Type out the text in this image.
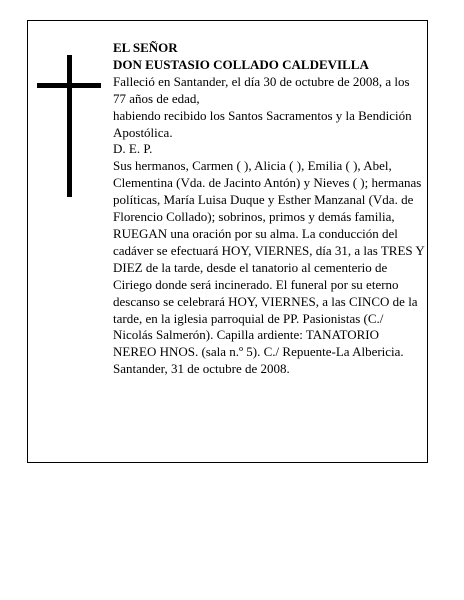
EL SEÑOR

DON EUSTASIO COLLADO CALDEVILLA

Falleció en Santander, el día 30 de octubre de 2008, a los 77 años de edad,

habiendo recibido los Santos Sacramentos y la Bendición Apostólica.

D. E. P.

Sus hermanos, Carmen ( ), Alicia ( ), Emilia ( ), Abel, Clementina (Vda. de Jacinto Antón) y Nieves ( ); hermanas políticas, María Luisa Duque y Esther Manzanal (Vda. de Florencio Collado); sobrinos, primos y demás familia,

RUEGAN una oración por su alma. La conducción del cadáver se efectuará HOY, VIERNES, día 31, a las TRES Y DIEZ de la tarde, desde el tanatorio al cementerio de Ciriego donde será incinerado. El funeral por su eterno descanso se celebrará HOY, VIERNES, a las CINCO de la tarde, en la iglesia parroquial de PP. Pasionistas (C./ Nicolás Salmerón). Capilla ardiente: TANATORIO NEREO HNOS. (sala n.º 5). C./ Repuente-La Albericia.

Santander, 31 de octubre de 2008.
